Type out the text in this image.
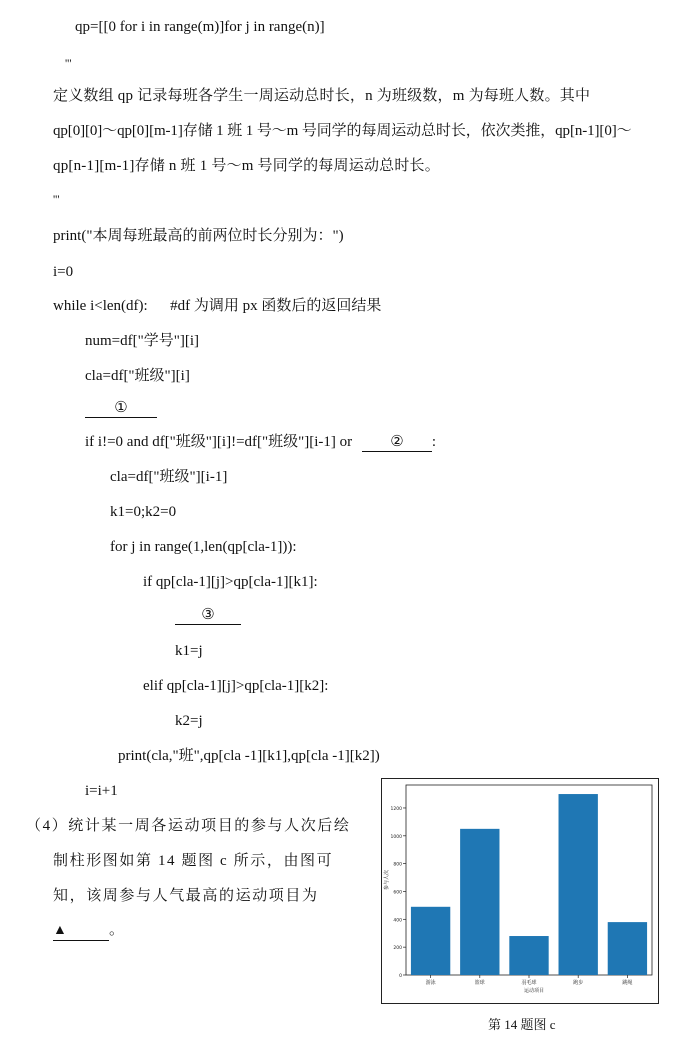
qp=[[0 for i in range(m)]for j in range(n)]
'''
定义数组 qp 记录每班各学生一周运动总时长，n 为班级数，m 为每班人数。其中
qp[0][0]～qp[0][m-1]存储 1 班 1 号～m 号同学的每周运动总时长，依次类推，qp[n-1][0]～
qp[n-1][m-1]存储 n 班 1 号～m 号同学的每周运动总时长。
'''
print("本周每班最高的前两位时长分别为：")
i=0
while i<len(df):      #df 为调用 px 函数后的返回结果
num=df["学号"][i]
cla=df["班级"][i]
①
if i!=0 and df["班级"][i]!=df["班级"][i-1] or	② :
cla=df["班级"][i-1]
k1=0;k2=0
for j in range(1,len(qp[cla-1])):
if qp[cla-1][j]>qp[cla-1][k1]:
③
k1=j
elif qp[cla-1][j]>qp[cla-1][k2]:
k2=j
print(cla,"班",qp[cla -1][k1],qp[cla -1][k2])
i=i+1
（4）统计某一周各运动项目的参与人次后绘
制柱形图如第 14 题图 c 所示，由图可
知，该周参与人气最高的运动项目为
▲	。
0
200
400
600
800
1000
1200
游泳	篮球	羽毛球	跑步	跳绳
运动项目
参与人次
第 14 题图 c
